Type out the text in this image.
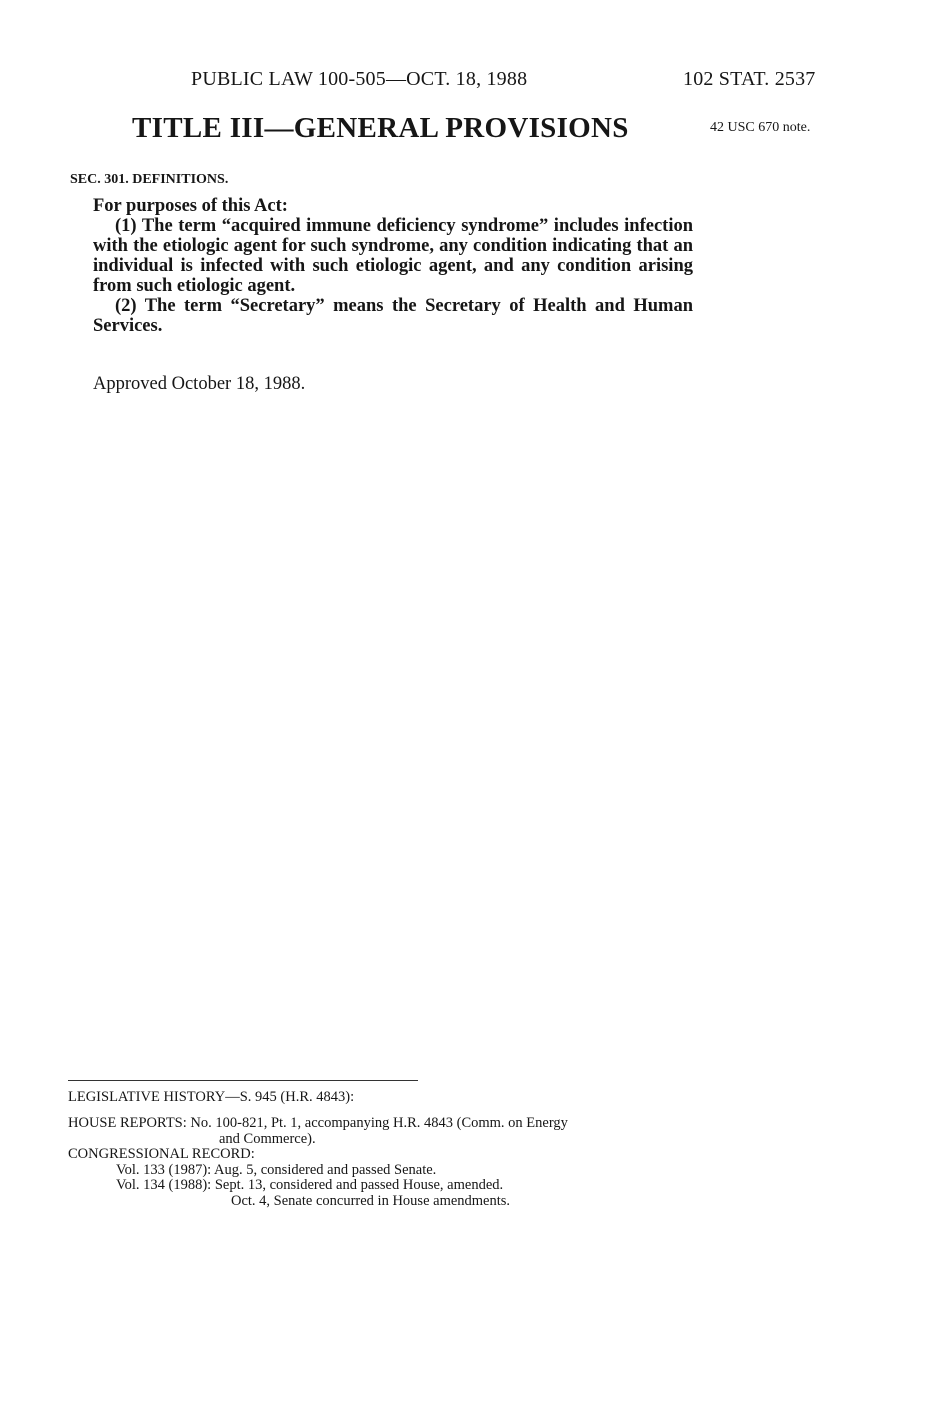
PUBLIC LAW 100-505—OCT. 18, 1988	102 STAT. 2537
TITLE III—GENERAL PROVISIONS	42 USC 670 note.
SEC. 301. DEFINITIONS.

For purposes of this Act:

(1) The term “acquired immune deficiency syndrome” includes infection with the etiologic agent for such syndrome, any condition indicating that an individual is infected with such etiologic agent, and any condition arising from such etiologic agent.

(2) The term “Secretary” means the Secretary of Health and Human Services.

Approved October 18, 1988.
LEGISLATIVE HISTORY—S. 945 (H.R. 4843):
HOUSE REPORTS: No. 100-821, Pt. 1, accompanying H.R. 4843 (Comm. on Energy
and Commerce).
CONGRESSIONAL RECORD:
Vol. 133 (1987): Aug. 5, considered and passed Senate.
Vol. 134 (1988): Sept. 13, considered and passed House, amended.
Oct. 4, Senate concurred in House amendments.
